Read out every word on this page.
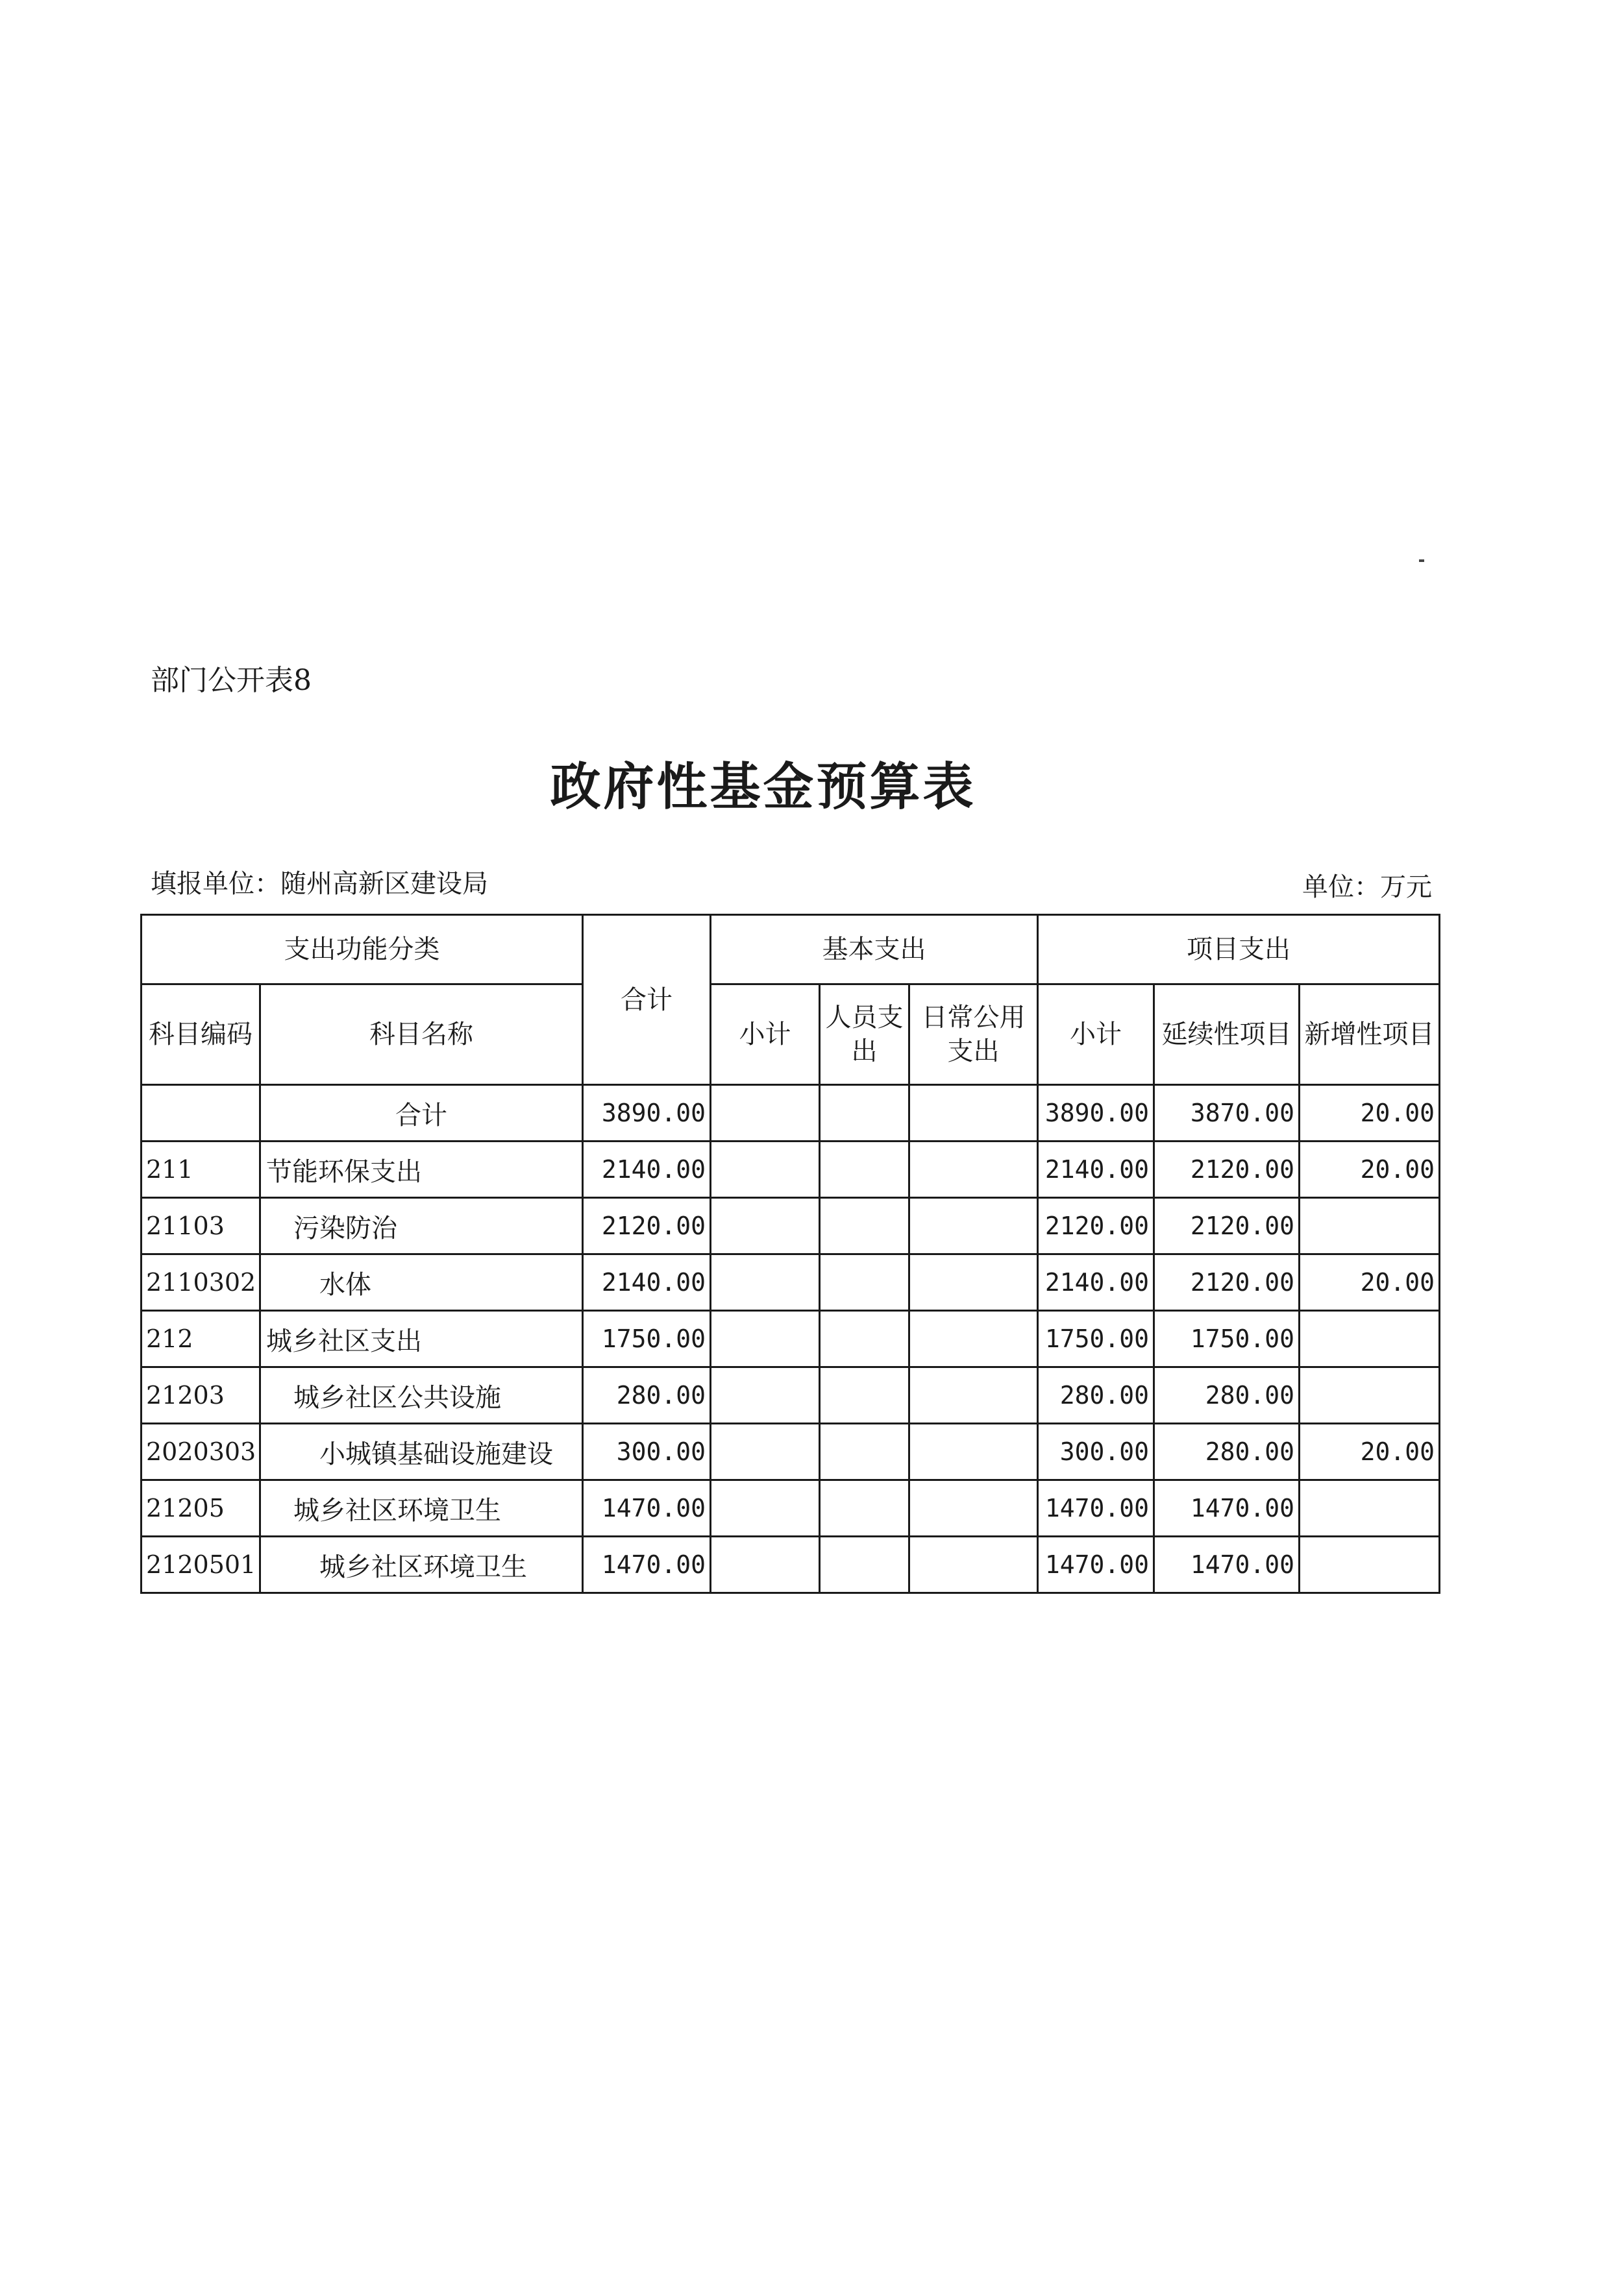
部门公开表8
政府性基金预算表
填报单位：随州高新区建设局	单位：万元
支出功能分类		合计	基本支出			项目支出		
科目编码	科目名称		小计	人员支出	日常公用支出	小计	延续性项目	新增性项目
	合计	3890.00				3890.00	3870.00	20.00
211	节能环保支出	2140.00				2140.00	2120.00	20.00
21103	污染防治	2120.00				2120.00	2120.00	
2110302	水体	2140.00				2140.00	2120.00	20.00
212	城乡社区支出	1750.00				1750.00	1750.00	
21203	城乡社区公共设施	280.00				280.00	280.00	
2020303	小城镇基础设施建设	300.00				300.00	280.00	20.00
21205	城乡社区环境卫生	1470.00				1470.00	1470.00	
2120501	城乡社区环境卫生	1470.00				1470.00	1470.00	
